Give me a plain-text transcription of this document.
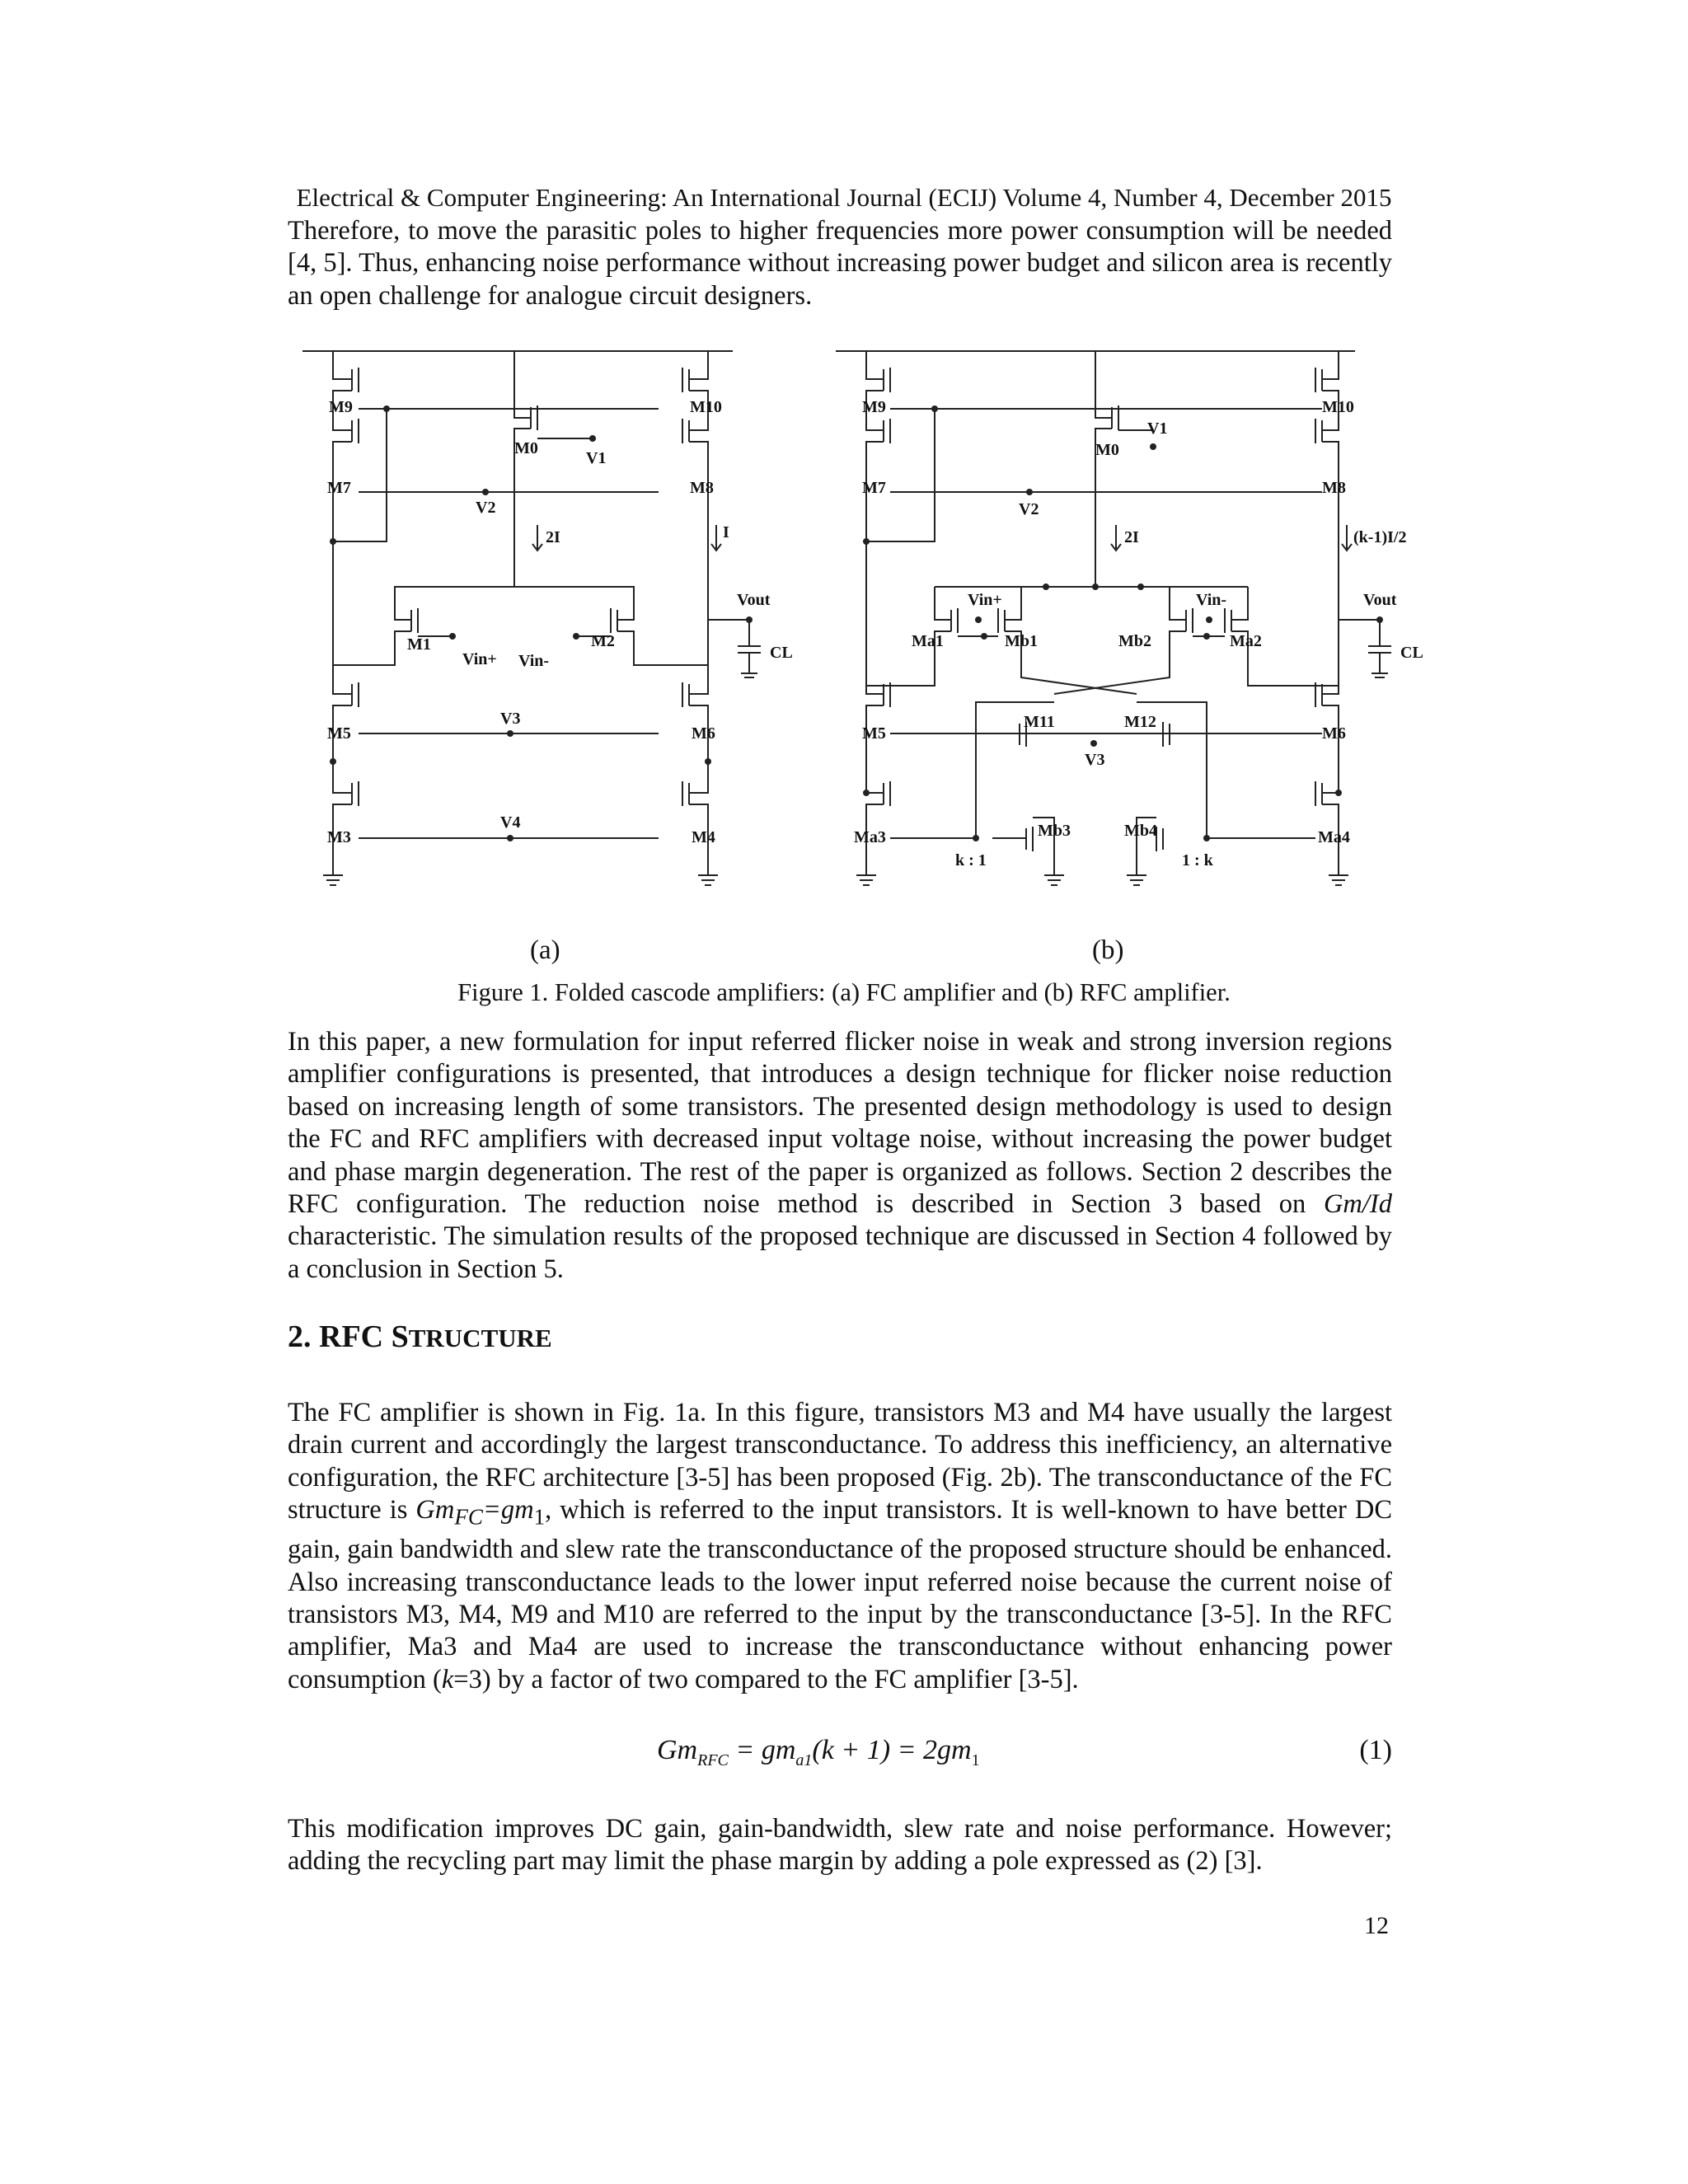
Electrical & Computer Engineering: An International Journal (ECIJ) Volume 4, Number 4, December 2015

Therefore, to move the parasitic poles to higher frequencies more power consumption will be needed [4, 5]. Thus, enhancing noise performance without increasing power budget and silicon area is recently an open challenge for analogue circuit designers.

M9	M10
M0
V1
M7	M8
V2
2I	I
Vout
M1	M2
Vin+ Vin-	CL
M5
V3
M6
M3
V4
M4
M9	M10
M0
V1
M7	M8
V2
2I	(k-1)I/2
Vout
Vin+	Vin-
Ma1	Mb1	Mb2	Ma2
CL
M5
M11	M12
V3
M6
Ma3	Mb3	Mb4	Ma4
k : 1	1 : k
(a)	(b)
Figure 1. Folded cascode amplifiers: (a) FC amplifier and (b) RFC amplifier.

In this paper, a new formulation for input referred flicker noise in weak and strong inversion regions amplifier configurations is presented, that introduces a design technique for flicker noise reduction based on increasing length of some transistors. The presented design methodology is used to design the FC and RFC amplifiers with decreased input voltage noise, without increasing the power budget and phase margin degeneration. The rest of the paper is organized as follows. Section 2 describes the RFC configuration. The reduction noise method is described in Section 3 based on Gm/Id characteristic. The simulation results of the proposed technique are discussed in Section 4 followed by a conclusion in Section 5.

2. RFC STRUCTURE

The FC amplifier is shown in Fig. 1a. In this figure, transistors M3 and M4 have usually the largest drain current and accordingly the largest transconductance. To address this inefficiency, an alternative configuration, the RFC architecture [3-5] has been proposed (Fig. 2b). The transconductance of the FC structure is $Gm_{FC}=gm_1$, which is referred to the input transistors. It is well-known to have better DC gain, gain bandwidth and slew rate the transconductance of the proposed structure should be enhanced. Also increasing transconductance leads to the lower input referred noise because the current noise of transistors M3, M4, M9 and M10 are referred to the input by the transconductance [3-5]. In the RFC amplifier, Ma3 and Ma4 are used to increase the transconductance without enhancing power consumption (k=3) by a factor of two compared to the FC amplifier [3-5].

$Gm_{RFC} = gm_{a1}(k + 1) = 2gm_1$	(1)

This modification improves DC gain, gain-bandwidth, slew rate and noise performance. However; adding the recycling part may limit the phase margin by adding a pole expressed as (2) [3].

12
